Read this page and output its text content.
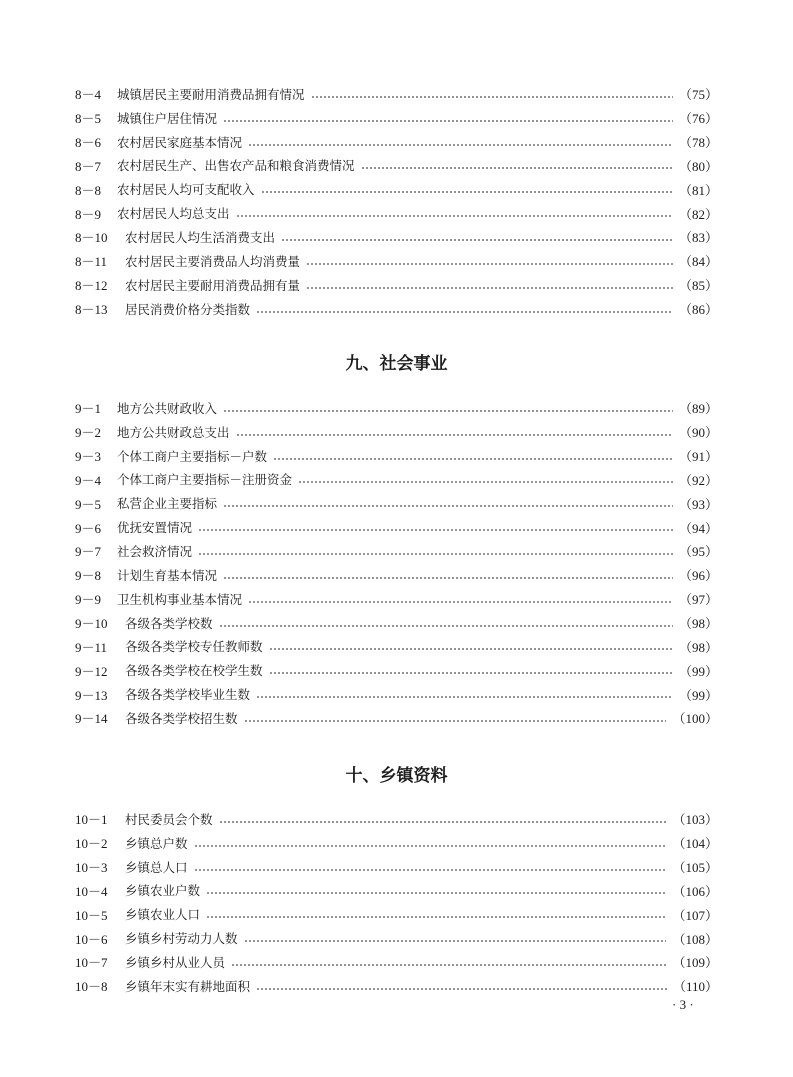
8－4	城镇居民主要耐用消费品拥有情况	（75）
8－5	城镇住户居住情况	（76）
8－6	农村居民家庭基本情况	（78）
8－7	农村居民生产、出售农产品和粮食消费情况	（80）
8－8	农村居民人均可支配收入	（81）
8－9	农村居民人均总支出	（82）
8－10	农村居民人均生活消费支出	（83）
8－11	农村居民主要消费品人均消费量	（84）
8－12	农村居民主要耐用消费品拥有量	（85）
8－13	居民消费价格分类指数	（86）
九、社会事业
9－1	地方公共财政收入	（89）
9－2	地方公共财政总支出	（90）
9－3	个体工商户主要指标－户数	（91）
9－4	个体工商户主要指标－注册资金	（92）
9－5	私营企业主要指标	（93）
9－6	优抚安置情况	（94）
9－7	社会救济情况	（95）
9－8	计划生育基本情况	（96）
9－9	卫生机构事业基本情况	（97）
9－10	各级各类学校数	（98）
9－11	各级各类学校专任教师数	（98）
9－12	各级各类学校在校学生数	（99）
9－13	各级各类学校毕业生数	（99）
9－14	各级各类学校招生数	（100）
十、乡镇资料
10－1	村民委员会个数	（103）
10－2	乡镇总户数	（104）
10－3	乡镇总人口	（105）
10－4	乡镇农业户数	（106）
10－5	乡镇农业人口	（107）
10－6	乡镇乡村劳动力人数	（108）
10－7	乡镇乡村从业人员	（109）
10－8	乡镇年末实有耕地面积	（110）
· 3 ·
